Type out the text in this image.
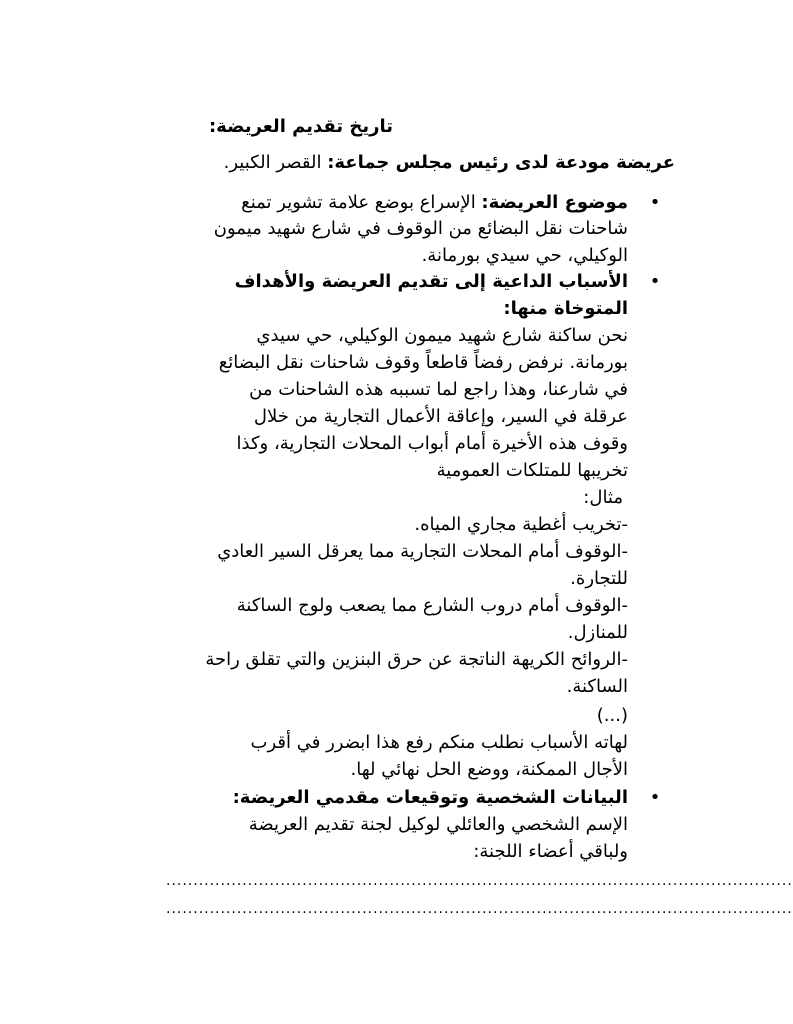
تاريخ تقديم العريضة:
عريضة مودعة لدى رئيس مجلس جماعة: القصر الكبير.
•
موضوع العريضة: الإسراع بوضع علامة تشوير تمنع
شاحنات نقل البضائع من الوقوف في شارع شهيد ميمون
الوكيلي، حي سيدي بورمانة.
•
الأسباب الداعية إلى تقديم العريضة والأهداف
المتوخاة منها:
نحن ساكنة شارع شهيد ميمون الوكيلي، حي سيدي
بورمانة. نرفض رفضاً قاطعاً وقوف شاحنات نقل البضائع
في شارعنا، وهذا راجع لما تسببه هذه الشاحنات من
عرقلة في السير، وإعاقة الأعمال التجارية من خلال
وقوف هذه الأخيرة أمام أبواب المحلات التجارية، وكذا
تخريبها للمتلكات العمومية
مثال:
-تخريب أغطية مجاري المياه.
-الوقوف أمام المحلات التجارية مما يعرقل السير العادي
للتجارة.
-الوقوف أمام دروب الشارع مما يصعب ولوج الساكنة
للمنازل.
-الروائح الكريهة الناتجة عن حرق البنزين والتي تقلق راحة
الساكنة.
(...)
لهاته الأسباب نطلب منكم رفع هذا ابضرر في أقرب
الأجال الممكنة، ووضع الحل نهائي لها.
•
البيانات الشخصية وتوقيعات مقدمي العريضة:
الإسم الشخصي والعائلي لوكيل لجنة تقديم العريضة
ولباقي أعضاء اللجنة:
...................................................................................................................
...................................................................................................................
